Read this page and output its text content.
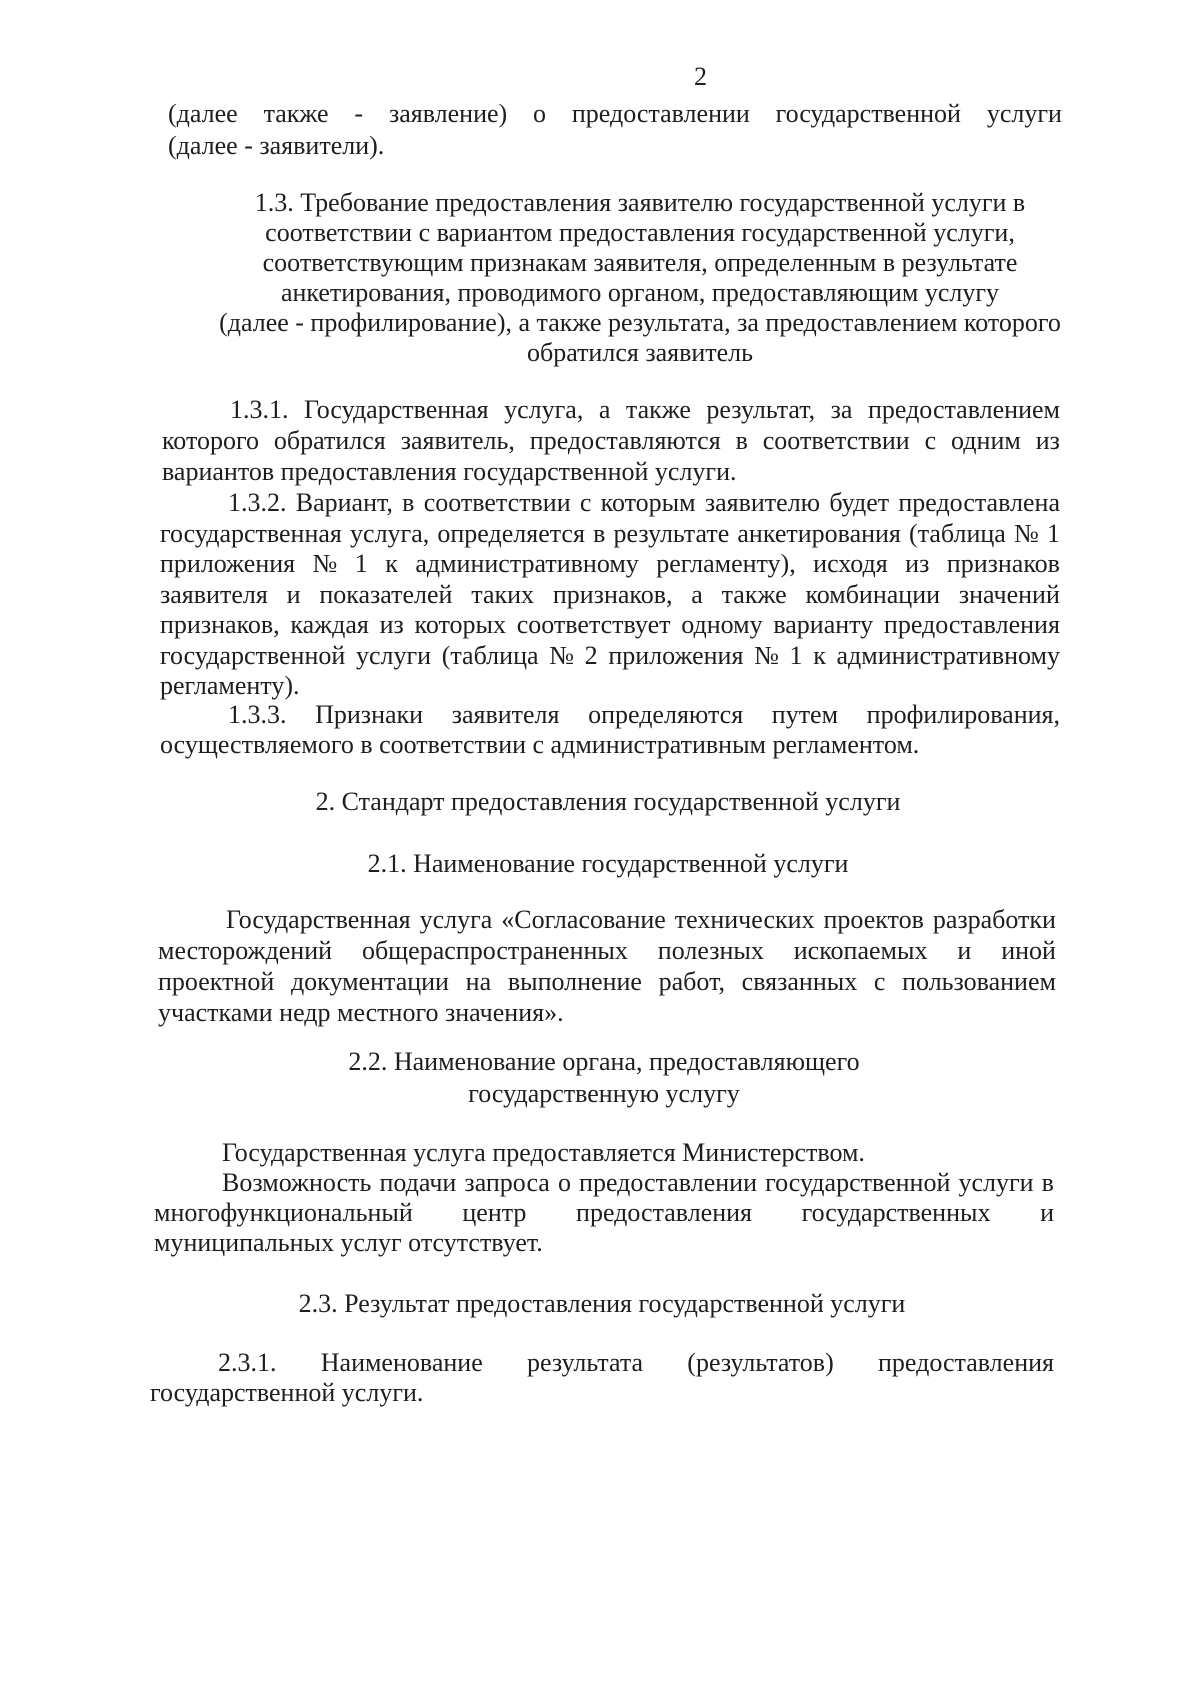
2
(далее также - заявление) о предоставлении государственной услуги
(далее - заявители).
1.3. Требование предоставления заявителю государственной услуги в
соответствии с вариантом предоставления государственной услуги,
соответствующим признакам заявителя, определенным в результате
анкетирования, проводимого органом, предоставляющим услугу
(далее - профилирование), а также результата, за предоставлением которого
обратился заявитель
1.3.1. Государственная услуга, а также результат, за предоставлением
которого обратился заявитель, предоставляются в соответствии с одним из
вариантов предоставления государственной услуги.
1.3.2. Вариант, в соответствии с которым заявителю будет предоставлена
государственная услуга, определяется в результате анкетирования (таблица № 1
приложения № 1 к административному регламенту), исходя из признаков
заявителя и показателей таких признаков, а также комбинации значений
признаков, каждая из которых соответствует одному варианту предоставления
государственной услуги (таблица № 2 приложения № 1 к административному
регламенту).
1.3.3. Признаки заявителя определяются путем профилирования,
осуществляемого в соответствии с административным регламентом.
2. Стандарт предоставления государственной услуги
2.1. Наименование государственной услуги
Государственная услуга «Согласование технических проектов разработки
месторождений общераспространенных полезных ископаемых и иной
проектной документации на выполнение работ, связанных с пользованием
участками недр местного значения».
2.2. Наименование органа, предоставляющего
государственную услугу
Государственная услуга предоставляется Министерством.
Возможность подачи запроса о предоставлении государственной услуги в
многофункциональный центр предоставления государственных и
муниципальных услуг отсутствует.
2.3. Результат предоставления государственной услуги
2.3.1. Наименование результата (результатов) предоставления
государственной услуги.
